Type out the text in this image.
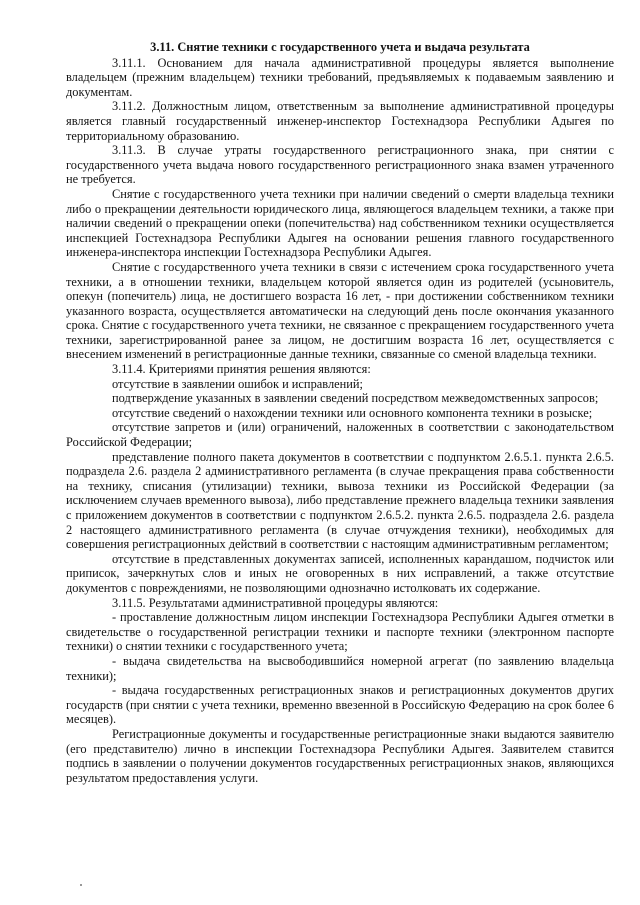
3.11. Снятие техники с государственного учета и выдача результата

3.11.1. Основанием для начала административной процедуры является выполнение владельцем (прежним владельцем) техники требований, предъявляемых к подаваемым заявлению и документам.

3.11.2. Должностным лицом, ответственным за выполнение административной процедуры является главный государственный инженер-инспектор Гостехнадзора Республики Адыгея по территориальному образованию.

3.11.3. В случае утраты государственного регистрационного знака, при снятии с государственного учета выдача нового государственного регистрационного знака взамен утраченного не требуется.

Снятие с государственного учета техники при наличии сведений о смерти владельца техники либо о прекращении деятельности юридического лица, являющегося владельцем техники, а также при наличии сведений о прекращении опеки (попечительства) над собственником техники осуществляется инспекцией Гостехнадзора Республики Адыгея на основании решения главного государственного инженера-инспектора инспекции Гостехнадзора Республики Адыгея.

Снятие с государственного учета техники в связи с истечением срока государственного учета техники, а в отношении техники, владельцем которой является один из родителей (усыновитель, опекун (попечитель) лица, не достигшего возраста 16 лет, - при достижении собственником техники указанного возраста, осуществляется автоматически на следующий день после окончания указанного срока. Снятие с государственного учета техники, не связанное с прекращением государственного учета техники, зарегистрированной ранее за лицом, не достигшим возраста 16 лет, осуществляется с внесением изменений в регистрационные данные техники, связанные со сменой владельца техники.

3.11.4. Критериями принятия решения являются:

отсутствие в заявлении ошибок и исправлений;

подтверждение указанных в заявлении сведений посредством межведомственных запросов;

отсутствие сведений о нахождении техники или основного компонента техники в розыске;

отсутствие запретов и (или) ограничений, наложенных в соответствии с законодательством Российской Федерации;

представление полного пакета документов в соответствии с подпунктом 2.6.5.1. пункта 2.6.5. подраздела 2.6. раздела 2 административного регламента (в случае прекращения права собственности на технику, списания (утилизации) техники, вывоза техники из Российской Федерации (за исключением случаев временного вывоза), либо представление прежнего владельца техники заявления с приложением документов в соответствии с подпунктом 2.6.5.2. пункта 2.6.5. подраздела 2.6. раздела 2 настоящего административного регламента (в случае отчуждения техники), необходимых для совершения регистрационных действий в соответствии с настоящим административным регламентом;

отсутствие в представленных документах записей, исполненных карандашом, подчисток или приписок, зачеркнутых слов и иных не оговоренных в них исправлений, а также отсутствие документов с повреждениями, не позволяющими однозначно истолковать их содержание.

3.11.5. Результатами административной процедуры являются:

- проставление должностным лицом инспекции Гостехнадзора Республики Адыгея отметки в свидетельстве о государственной регистрации техники и паспорте техники (электронном паспорте техники) о снятии техники с государственного учета;

- выдача свидетельства на высвободившийся номерной агрегат (по заявлению владельца техники);

- выдача государственных регистрационных знаков и регистрационных документов других государств (при снятии с учета техники, временно ввезенной в Российскую Федерацию на срок более 6 месяцев).

Регистрационные документы и государственные регистрационные знаки выдаются заявителю (его представителю) лично в инспекции Гостехнадзора Республики Адыгея. Заявителем ставится подпись в заявлении о получении документов государственных регистрационных знаков, являющихся результатом предоставления услуги.
